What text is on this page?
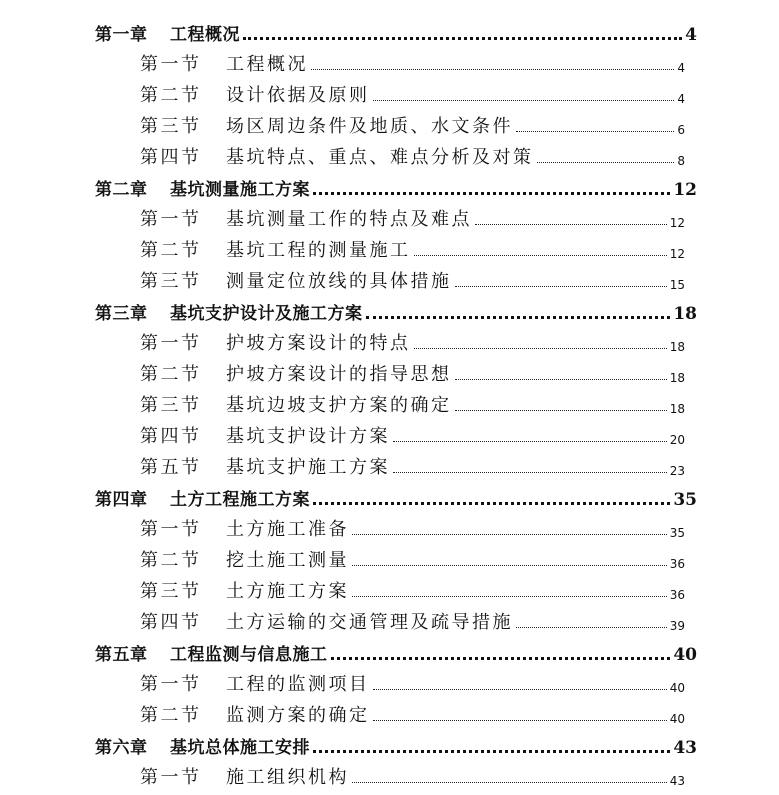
第一章	工程概况	4
第一节	工程概况	4
第二节	设计依据及原则	4
第三节	场区周边条件及地质、水文条件	6
第四节	基坑特点、重点、难点分析及对策	8
第二章	基坑测量施工方案	12
第一节	基坑测量工作的特点及难点	12
第二节	基坑工程的测量施工	12
第三节	测量定位放线的具体措施	15
第三章	基坑支护设计及施工方案	18
第一节	护坡方案设计的特点	18
第二节	护坡方案设计的指导思想	18
第三节	基坑边坡支护方案的确定	18
第四节	基坑支护设计方案	20
第五节	基坑支护施工方案	23
第四章	土方工程施工方案	35
第一节	土方施工准备	35
第二节	挖土施工测量	36
第三节	土方施工方案	36
第四节	土方运输的交通管理及疏导措施	39
第五章	工程监测与信息施工	40
第一节	工程的监测项目	40
第二节	监测方案的确定	40
第六章	基坑总体施工安排	43
第一节	施工组织机构	43
